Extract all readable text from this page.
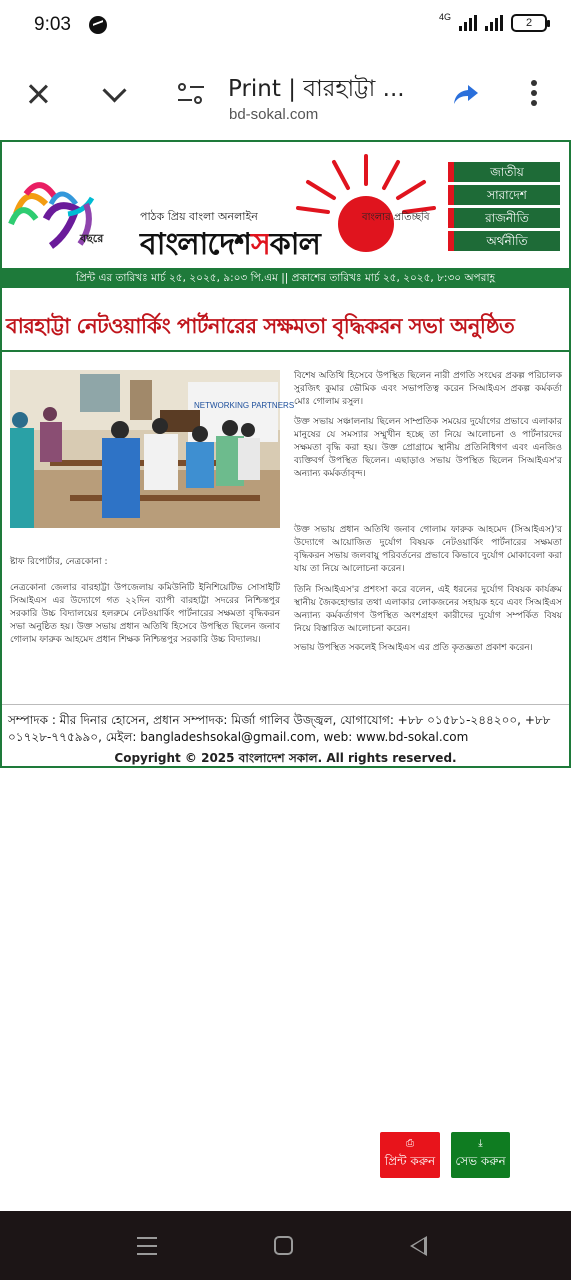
9:03	4G	2
Print | বারহাট্টা ...
bd-sokal.com
বছরে
পাঠক প্রিয় বাংলা অনলাইন	বাংলার প্রতিচ্ছবি
বাংলাদেশসকাল
জাতীয়
সারাদেশ
রাজনীতি
অর্থনীতি
প্রিন্ট এর তারিখঃ মার্চ ২৫, ২০২৫, ৯:০৩ পি.এম || প্রকাশের তারিখঃ মার্চ ২৫, ২০২৫, ৮:৩০ অপরাহ্ণ
বারহাট্টা নেটওয়ার্কিং পার্টনারের সক্ষমতা বৃদ্ধিকরন সভা অনুষ্ঠিত
NETWORKING PARTNERS

ষ্টাফ রিপোর্টার, নেত্রকোনা :

নেত্রকোনা জেলার বারহাট্টা উপজেলায় কমিউনিটি ইনিশিয়েটিভ সোসাইটি সিআইএস এর উদ্যোগে গত ২২দিন ব্যাপী বারহাট্টা সদরের নিশ্চিন্তপুর সরকারি উচ্চ বিদ্যালয়ের হলরুমে নেটওয়ার্কিং পার্টনারের সক্ষমতা বৃদ্ধিকরন সভা অনুষ্ঠিত হয়। উক্ত সভায় প্রধান অতিথি হিসেবে উপস্থিত ছিলেন জনাব গোলাম ফারুক আহমেদ প্রধান শিক্ষক নিশ্চিন্তপুর সরকারি উচ্চ বিদ্যালয়।

বিশেষ অতিথি হিসেবে উপস্থিত ছিলেন নারী প্রগতি সংঘের প্রকল্প পরিচালক সুরজিৎ কুমার ভৌমিক এবং সভাপতিত্ব করেন সিআইএস প্রকল্প কর্মকর্তা মোঃ গোলাম রসুল।

উক্ত সভায় সঞ্চালনায় ছিলেন সাম্প্রতিক সময়ের দুর্যোগের প্রভাবে এলাকার মানুষের যে সমস্যার সম্মুখীন হচ্ছে তা নিয়ে আলোচনা ও পার্টনারদের সক্ষমতা বৃদ্ধি করা হয়। উক্ত প্রোগ্রামে স্থানীয় প্রতিনিধিগণ এবং এনজিও ব্যক্তিবর্গ উপস্থিত ছিলেন। এছাড়াও সভায় উপস্থিত ছিলেন সিআইএস'র অন্যান্য কর্মকর্তাবৃন্দ।

উক্ত সভায় প্রধান অতিথি জনাব গোলাম ফারুক আহমেদ (সিআইএস)'র উদ্যোগে আয়োজিত দুর্যোগ বিষয়ক নেটওয়ার্কিং পার্টনারের সক্ষমতা বৃদ্ধিকরন সভায় জলবায়ু পরিবর্তনের প্রভাবে কিভাবে দুর্যোগ মোকাবেলা করা যায় তা নিয়ে আলোচনা করেন।

তিনি সিআইএস'র প্রশংসা করে বলেন, এই ধরনের দুর্যোগ বিষয়ক কার্যক্রম স্থানীয় জৈকহোল্ডার তথা এলাকার লোকজনের সহায়ক হবে এবং সিআইএস অন্যান্য কর্মকর্তাগণ উপস্থিত অংশগ্রহণ কারীদের দুর্যোগ সম্পর্কিত বিষয় নিয়ে বিস্তারিত আলোচনা করেন।

সভায় উপস্থিত সকলেই সিআইএস এর প্রতি কৃতজ্ঞতা প্রকাশ করেন।

সম্পাদক : মীর দিনার হোসেন, প্রধান সম্পাদক: মির্জা গালিব উজ্জ্বল, যোগাযোগ: +৮৮ ০১৫৮১-২৪৪২০০, +৮৮ ০১৭২৮-৭৭৫৯৯০, মেইল: bangladeshsokal@gmail.com, web: www.bd-sokal.com
Copyright © 2025 বাংলাদেশ সকাল. All rights reserved.
⎙
প্রিন্ট করুন
⤓
সেভ করুন
